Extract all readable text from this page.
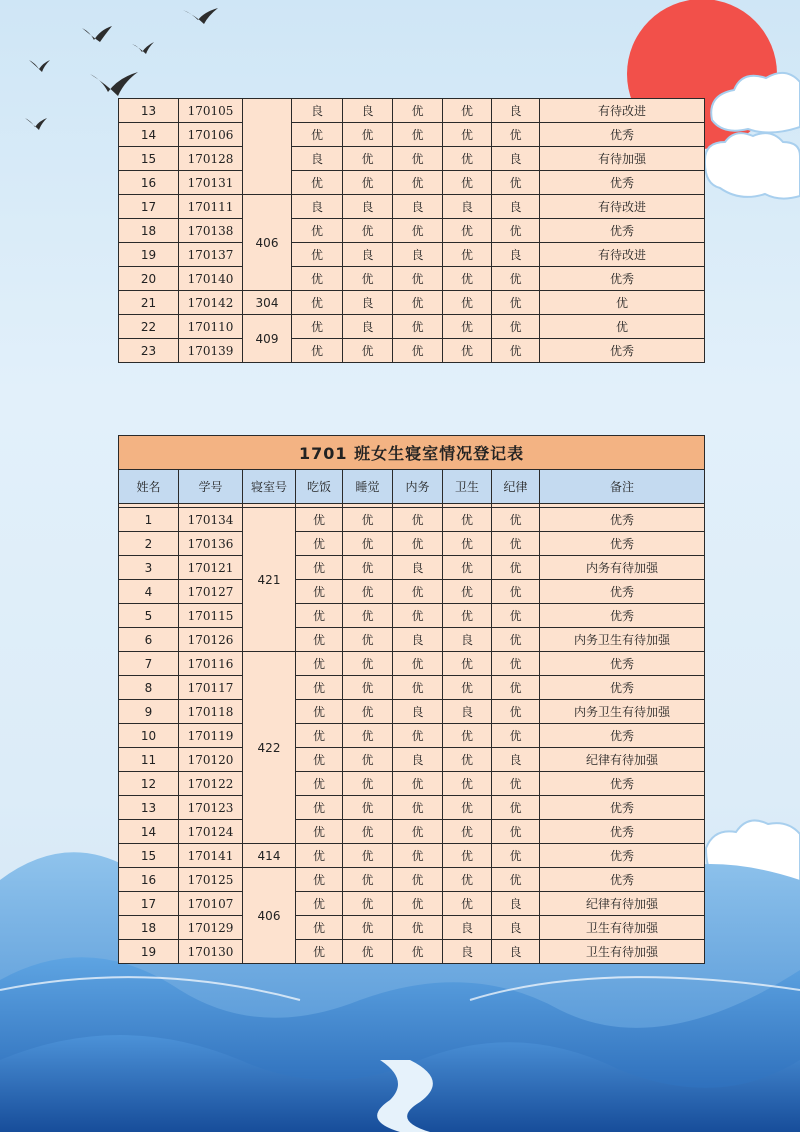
13	170105		良	良	优	优	良	有待改进
14	170106		优	优	优	优	优	优秀
15	170128		良	优	优	优	良	有待加强
16	170131		优	优	优	优	优	优秀
17	170111	406	良	良	良	良	良	有待改进
18	170138		优	优	优	优	优	优秀
19	170137		优	良	良	优	良	有待改进
20	170140		优	优	优	优	优	优秀
21	170142	304	优	良	优	优	优	优
22	170110	409	优	良	优	优	优	优
23	170139		优	优	优	优	优	优秀
1701 班女生寝室情况登记表								
姓名	学号	寝室号	吃饭	睡觉	内务	卫生	纪律	备注

1	170134	421	优	优	优	优	优	优秀
2	170136		优	优	优	优	优	优秀
3	170121		优	优	良	优	优	内务有待加强
4	170127		优	优	优	优	优	优秀
5	170115		优	优	优	优	优	优秀
6	170126		优	优	良	良	优	内务卫生有待加强
7	170116	422	优	优	优	优	优	优秀
8	170117		优	优	优	优	优	优秀
9	170118		优	优	良	良	优	内务卫生有待加强
10	170119		优	优	优	优	优	优秀
11	170120		优	优	良	优	良	纪律有待加强
12	170122		优	优	优	优	优	优秀
13	170123		优	优	优	优	优	优秀
14	170124		优	优	优	优	优	优秀
15	170141	414	优	优	优	优	优	优秀
16	170125	406	优	优	优	优	优	优秀
17	170107		优	优	优	优	良	纪律有待加强
18	170129		优	优	优	良	良	卫生有待加强
19	170130		优	优	优	良	良	卫生有待加强
